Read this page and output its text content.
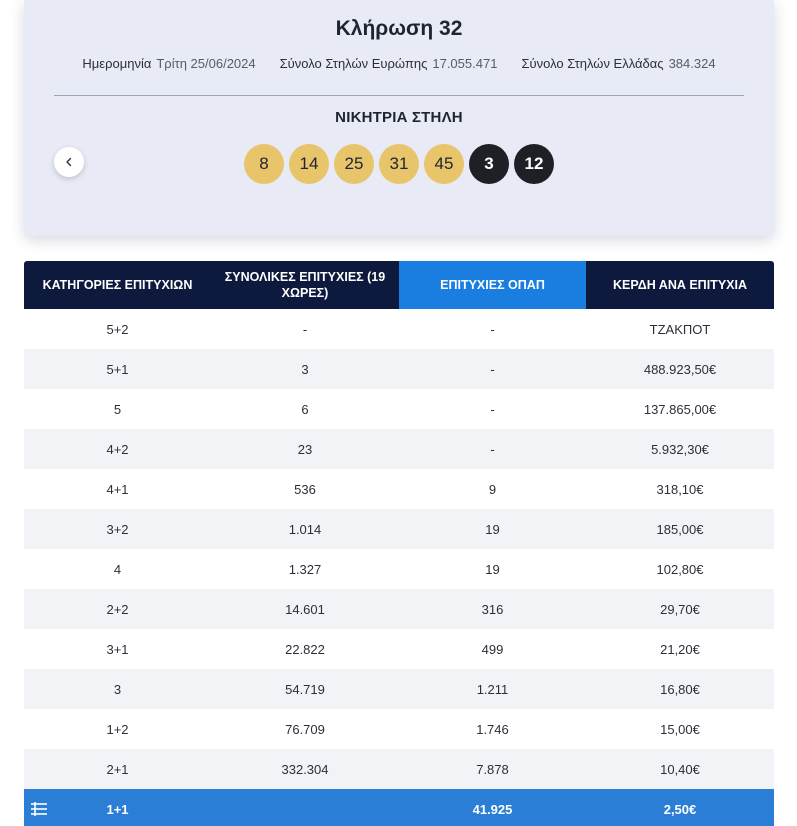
Κλήρωση 32
Ημερομηνία Τρίτη 25/06/2024 Σύνολο Στηλών Ευρώπης 17.055.471 Σύνολο Στηλών Ελλάδας 384.324
ΝΙΚΗΤΡΙΑ ΣΤΗΛΗ
8	14	25	31	45	3	12
ΚΑΤΗΓΟΡΙΕΣ ΕΠΙΤΥΧΙΩΝ	ΣΥΝΟΛΙΚΕΣ ΕΠΙΤΥΧΙΕΣ (19 ΧΩΡΕΣ)	ΕΠΙΤΥΧΙΕΣ ΟΠΑΠ	ΚΕΡΔΗ ΑΝΑ ΕΠΙΤΥΧΙΑ
5+2	-	-	ΤΖΑΚΠΟΤ
5+1	3	-	488.923,50€
5	6	-	137.865,00€
4+2	23	-	5.932,30€
4+1	536	9	318,10€
3+2	1.014	19	185,00€
4	1.327	19	102,80€
2+2	14.601	316	29,70€
3+1	22.822	499	21,20€
3	54.719	1.211	16,80€
1+2	76.709	1.746	15,00€
2+1	332.304	7.878	10,40€

1+1		41.925	2,50€
